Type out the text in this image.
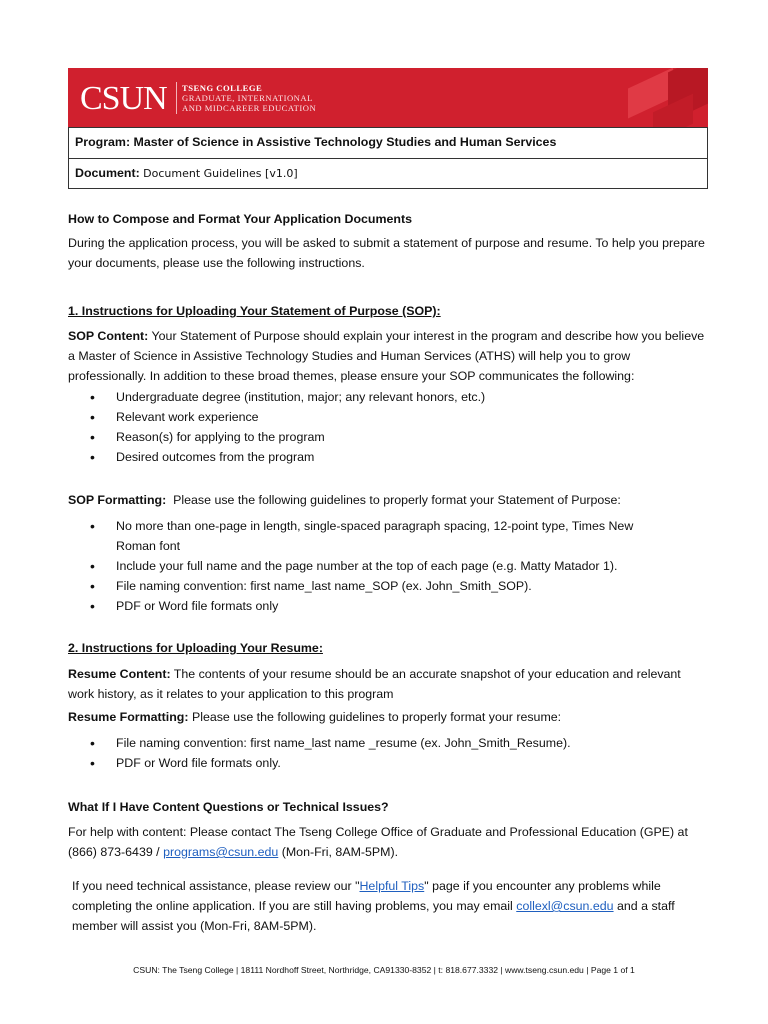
CSUN TSENG COLLEGE
GRADUATE, INTERNATIONAL
AND MIDCAREER EDUCATION
Program: Master of Science in Assistive Technology Studies and Human Services
Document: Document Guidelines [v1.0]
How to Compose and Format Your Application Documents
During the application process, you will be asked to submit a statement of purpose and resume. To help you prepare your documents, please use the following instructions.
1. Instructions for Uploading Your Statement of Purpose (SOP):
SOP Content: Your Statement of Purpose should explain your interest in the program and describe how you believe a Master of Science in Assistive Technology Studies and Human Services (ATHS) will help you to grow professionally. In addition to these broad themes, please ensure your SOP communicates the following:
• Undergraduate degree (institution, major; any relevant honors, etc.)
• Relevant work experience
• Reason(s) for applying to the program
• Desired outcomes from the program
SOP Formatting: Please use the following guidelines to properly format your Statement of Purpose:
• No more than one-page in length, single-spaced paragraph spacing, 12-point type, Times New Roman font
• Include your full name and the page number at the top of each page (e.g. Matty Matador 1).
• File naming convention: first name_last name_SOP (ex. John_Smith_SOP).
• PDF or Word file formats only
2. Instructions for Uploading Your Resume:
Resume Content: The contents of your resume should be an accurate snapshot of your education and relevant work history, as it relates to your application to this program
Resume Formatting: Please use the following guidelines to properly format your resume:
• File naming convention: first name_last name _resume (ex. John_Smith_Resume).
• PDF or Word file formats only.
What If I Have Content Questions or Technical Issues?
For help with content: Please contact The Tseng College Office of Graduate and Professional Education (GPE) at (866) 873-6439 / programs@csun.edu (Mon-Fri, 8AM-5PM).
If you need technical assistance, please review our "Helpful Tips" page if you encounter any problems while completing the online application. If you are still having problems, you may email collexl@csun.edu and a staff member will assist you (Mon-Fri, 8AM-5PM).
CSUN: The Tseng College | 18111 Nordhoff Street, Northridge, CA91330-8352 | t: 818.677.3332 | www.tseng.csun.edu | Page 1 of 1
